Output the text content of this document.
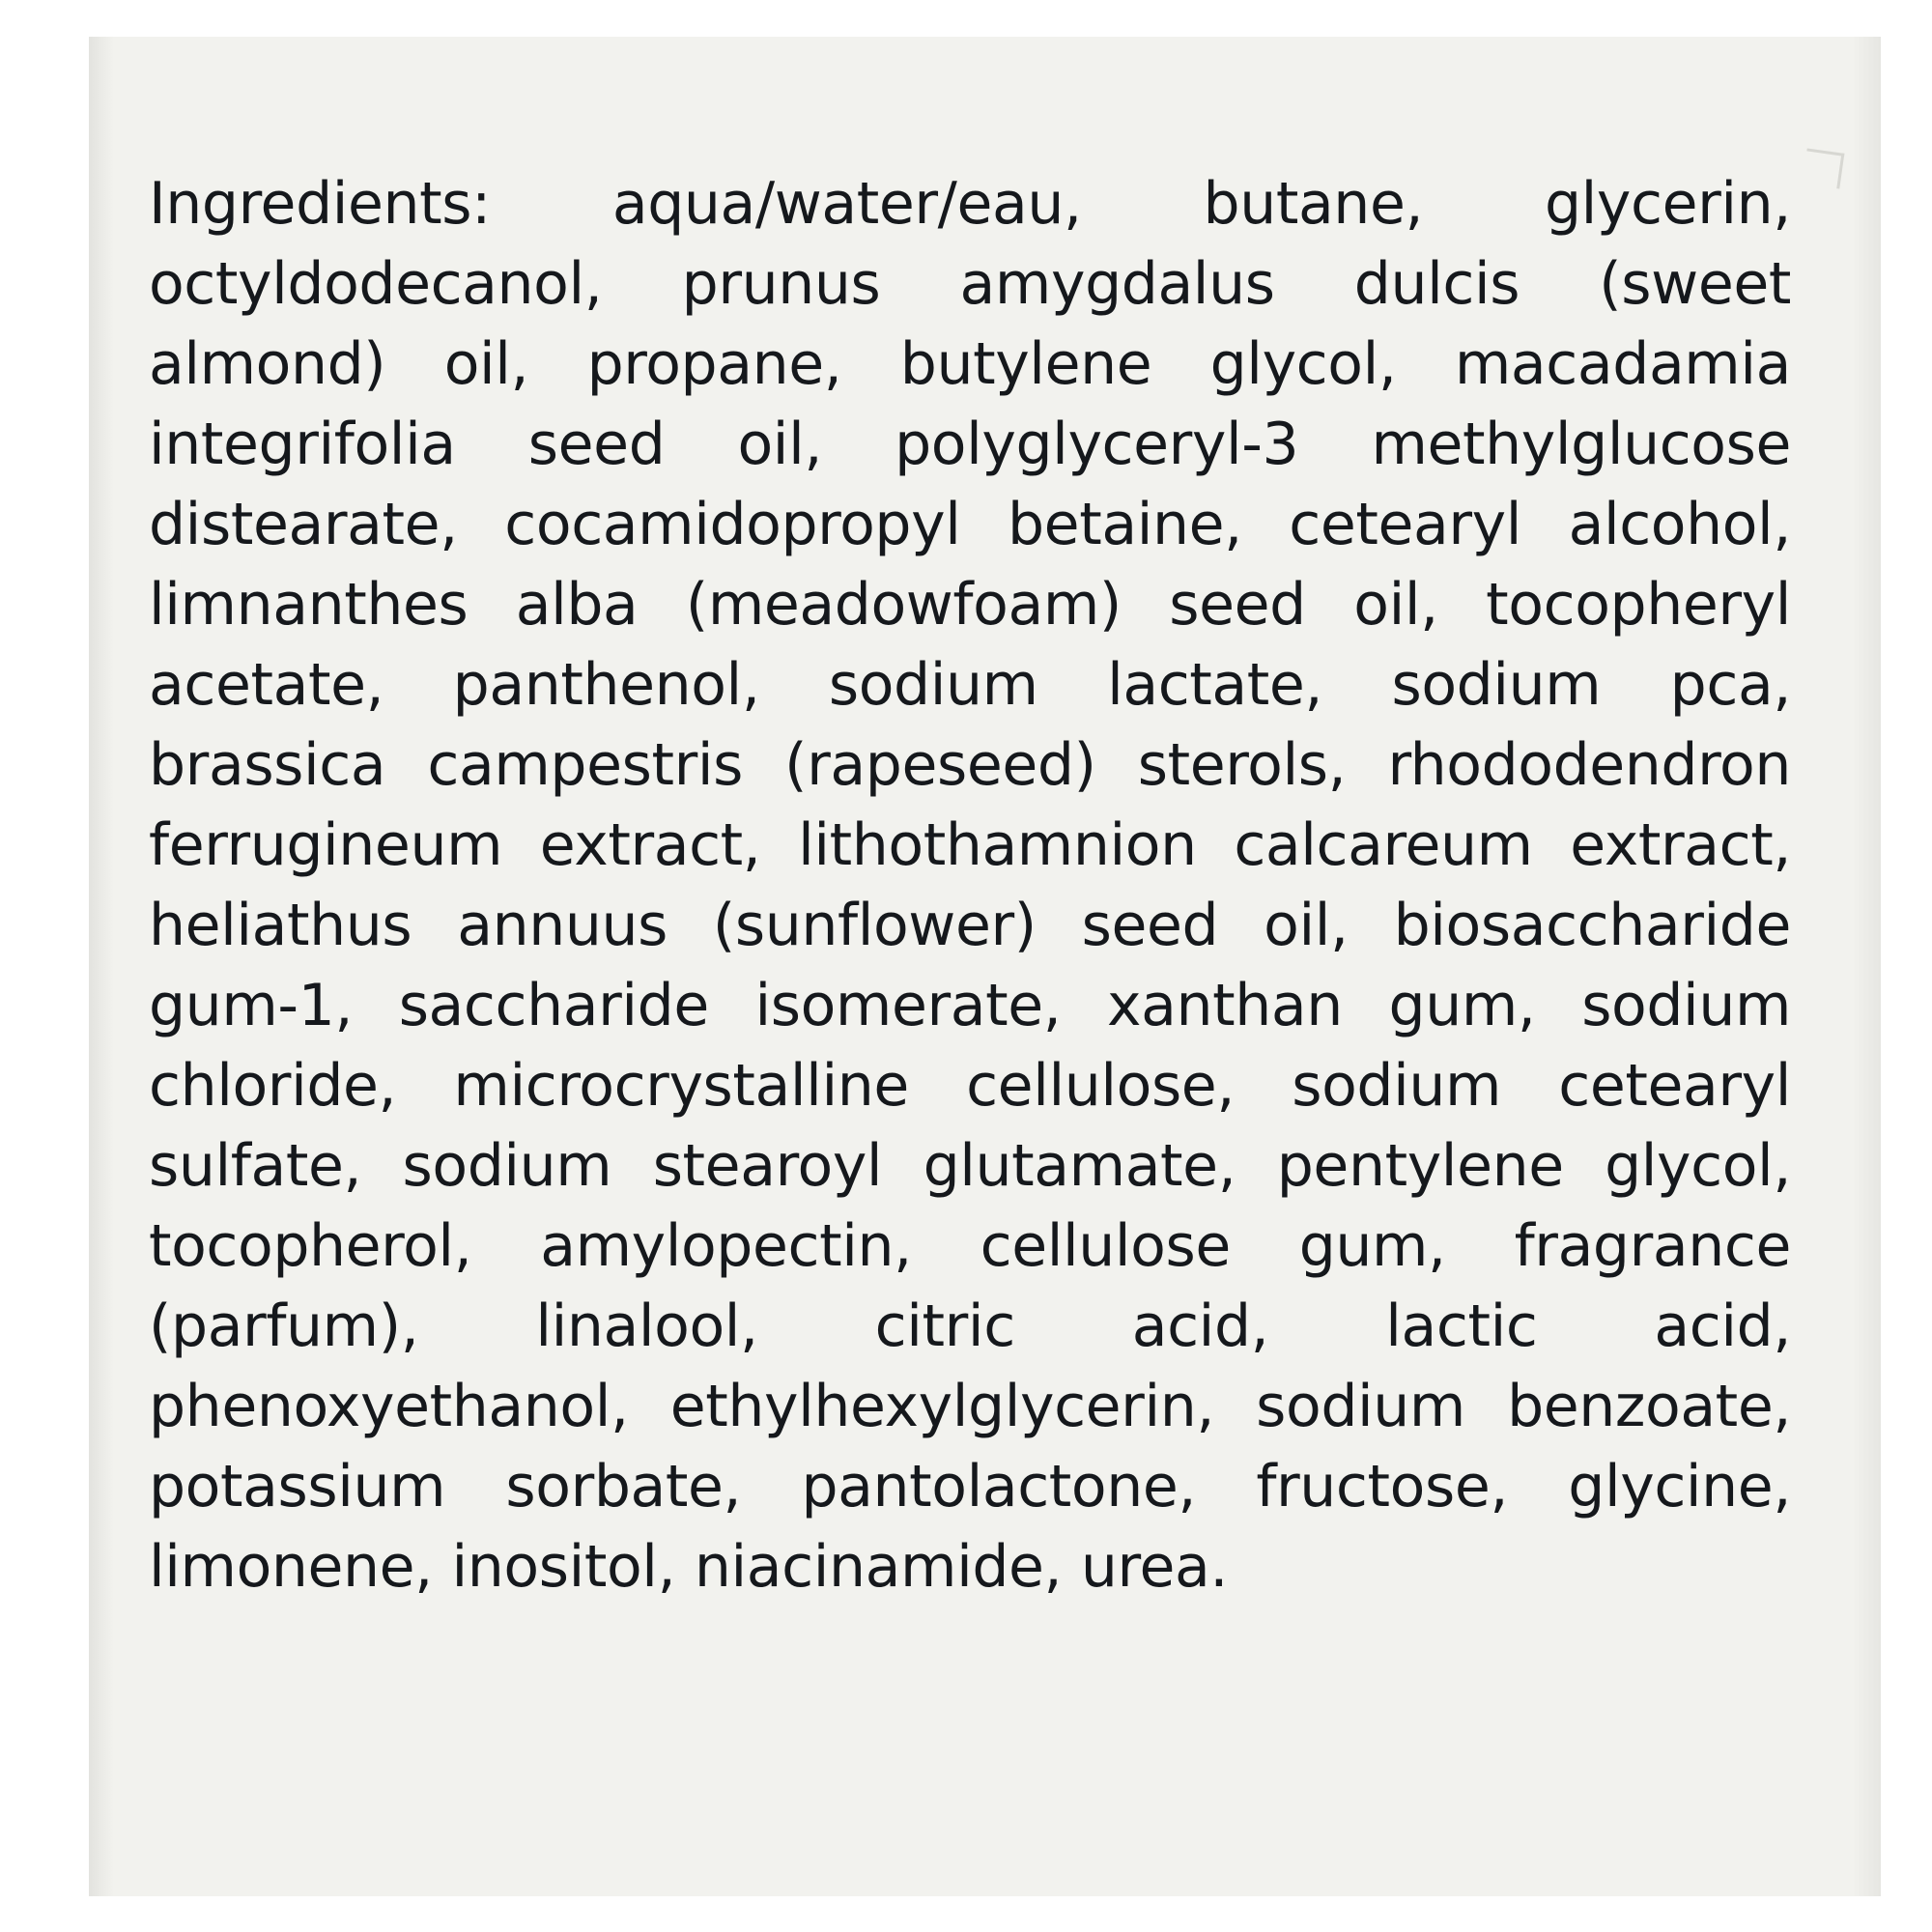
Ingredients: aqua/water/eau, butane, glycerin, octyldodecanol, prunus amygdalus dulcis (sweet almond) oil, propane, butylene glycol, macadamia integrifolia seed oil, polyglyceryl-3 methylglucose distearate, cocamidopropyl betaine, cetearyl alcohol, limnanthes alba (meadowfoam) seed oil, tocopheryl acetate, panthenol, sodium lactate, sodium pca, brassica campestris (rapeseed) sterols, rhododendron ferrugineum extract, lithothamnion calcareum extract, heliathus annuus (sunflower) seed oil, biosaccharide gum-1, saccharide isomerate, xanthan gum, sodium chloride, microcrystalline cellulose, sodium cetearyl sulfate, sodium stearoyl glutamate, pentylene glycol, tocopherol, amylopectin, cellulose gum, fragrance (parfum), linalool, citric acid, lactic acid, phenoxyethanol, ethylhexylglycerin, sodium benzoate, potassium sorbate, pantolactone, fructose, glycine, limonene, inositol, niacinamide, urea.
